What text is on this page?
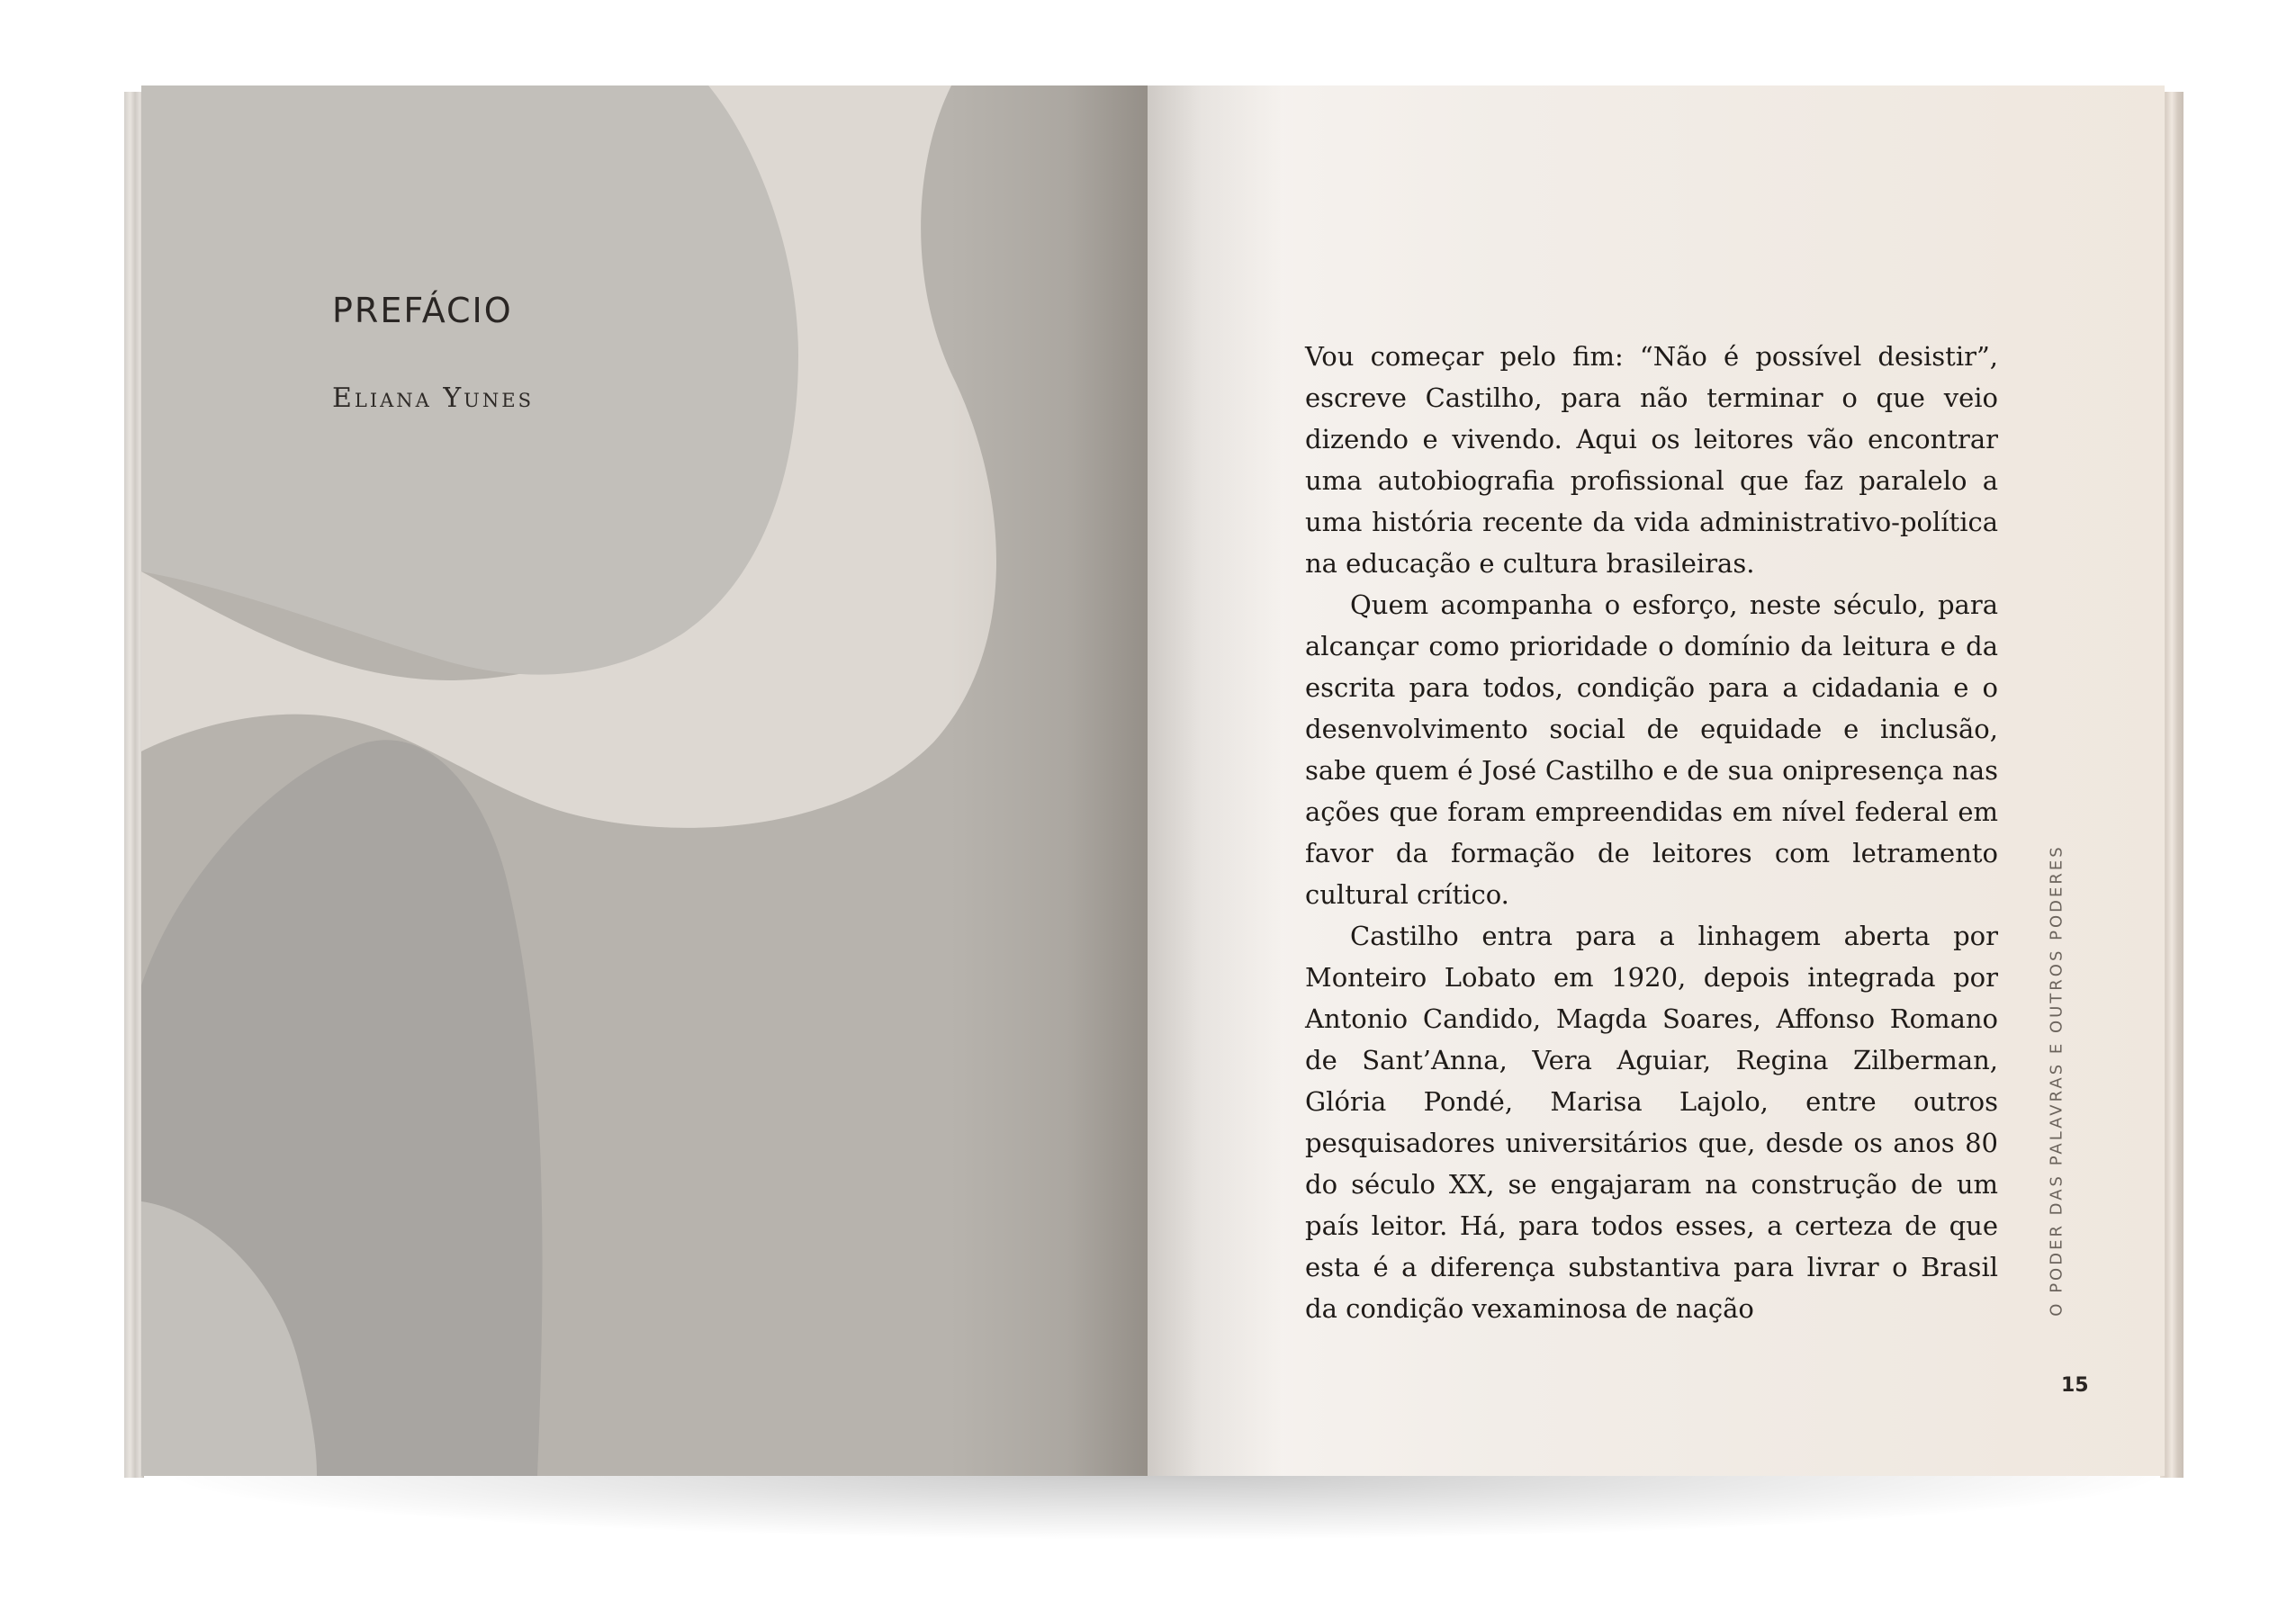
PREFÁCIO

Eliana Yunes

Vou começar pelo fim: “Não é possível desistir”, escreve Castilho, para não terminar o que veio dizendo e vivendo. Aqui os leitores vão encontrar uma autobiografia profissional que faz paralelo a uma história recente da vida administrativo-política na educação e cultura brasileiras.

Quem acompanha o esforço, neste século, para alcançar como prioridade o domínio da leitura e da escrita para todos, condição para a cidadania e o desenvolvimento social de equidade e inclusão, sabe quem é José Castilho e de sua onipresença nas ações que foram empreendidas em nível federal em favor da formação de leitores com letramento cultural crítico.

Castilho entra para a linhagem aberta por Monteiro Lobato em 1920, depois integrada por Antonio Candido, Magda Soares, Affonso Romano de Sant’Anna, Vera Aguiar, Regina Zilberman, Glória Pondé, Marisa Lajolo, entre outros pesquisadores universitários que, desde os anos 80 do século XX, se engajaram na construção de um país leitor. Há, para todos esses, a certeza de que esta é a diferença substantiva para livrar o Brasil da condição vexaminosa de nação	O PODER DAS PALAVRAS E OUTROS PODERES

15
